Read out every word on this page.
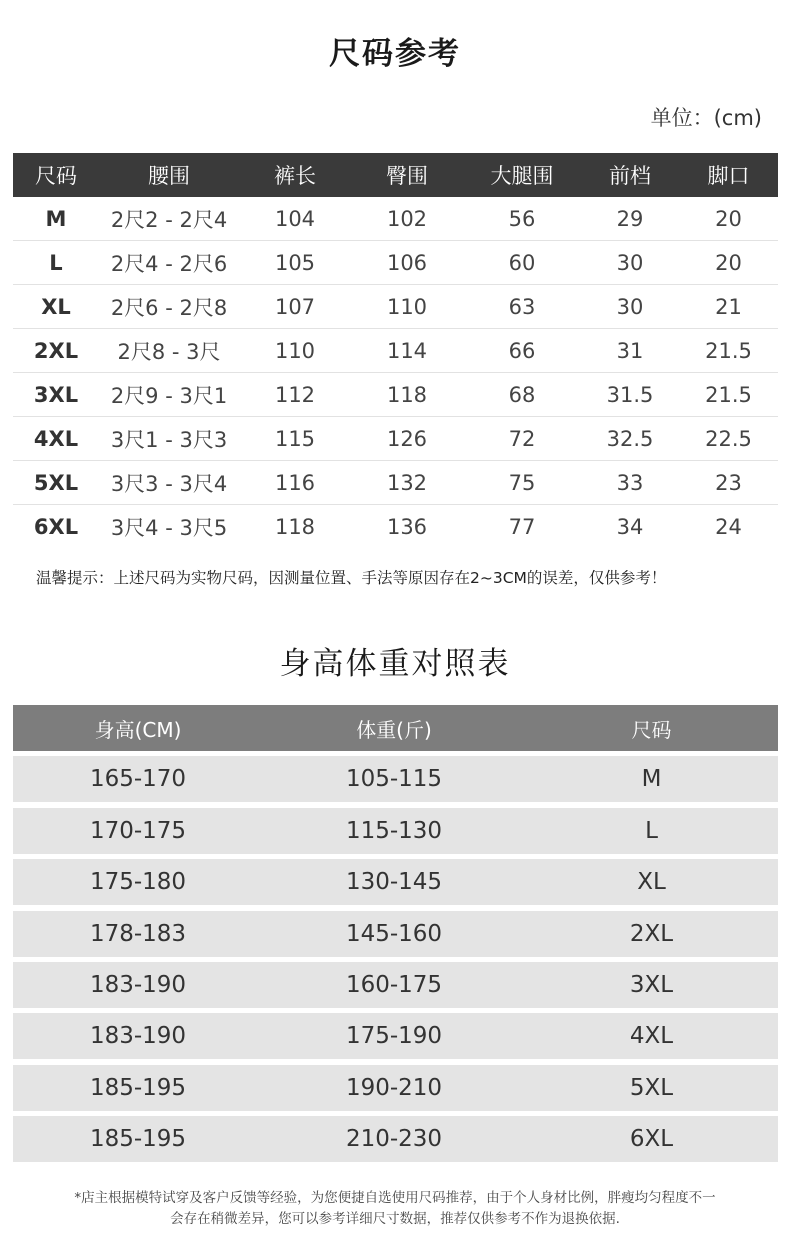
尺码参考
单位：(cm)
尺码	腰围	裤长	臀围	大腿围	前档	脚口
M	2尺2 - 2尺4	104	102	56	29	20
L	2尺4 - 2尺6	105	106	60	30	20
XL	2尺6 - 2尺8	107	110	63	30	21
2XL	2尺8 - 3尺	110	114	66	31	21.5
3XL	2尺9 - 3尺1	112	118	68	31.5	21.5
4XL	3尺1 - 3尺3	115	126	72	32.5	22.5
5XL	3尺3 - 3尺4	116	132	75	33	23
6XL	3尺4 - 3尺5	118	136	77	34	24
温馨提示：上述尺码为实物尺码，因测量位置、手法等原因存在2~3CM的误差，仅供参考！
身高体重对照表
身高(CM)	体重(斤)	尺码
165-170	105-115	M
170-175	115-130	L
175-180	130-145	XL
178-183	145-160	2XL
183-190	160-175	3XL
183-190	175-190	4XL
185-195	190-210	5XL
185-195	210-230	6XL
*店主根据模特试穿及客户反馈等经验，为您便捷自选使用尺码推荐，由于个人身材比例，胖瘦均匀程度不一
会存在稍微差异，您可以参考详细尺寸数据，推荐仅供参考不作为退换依据.
